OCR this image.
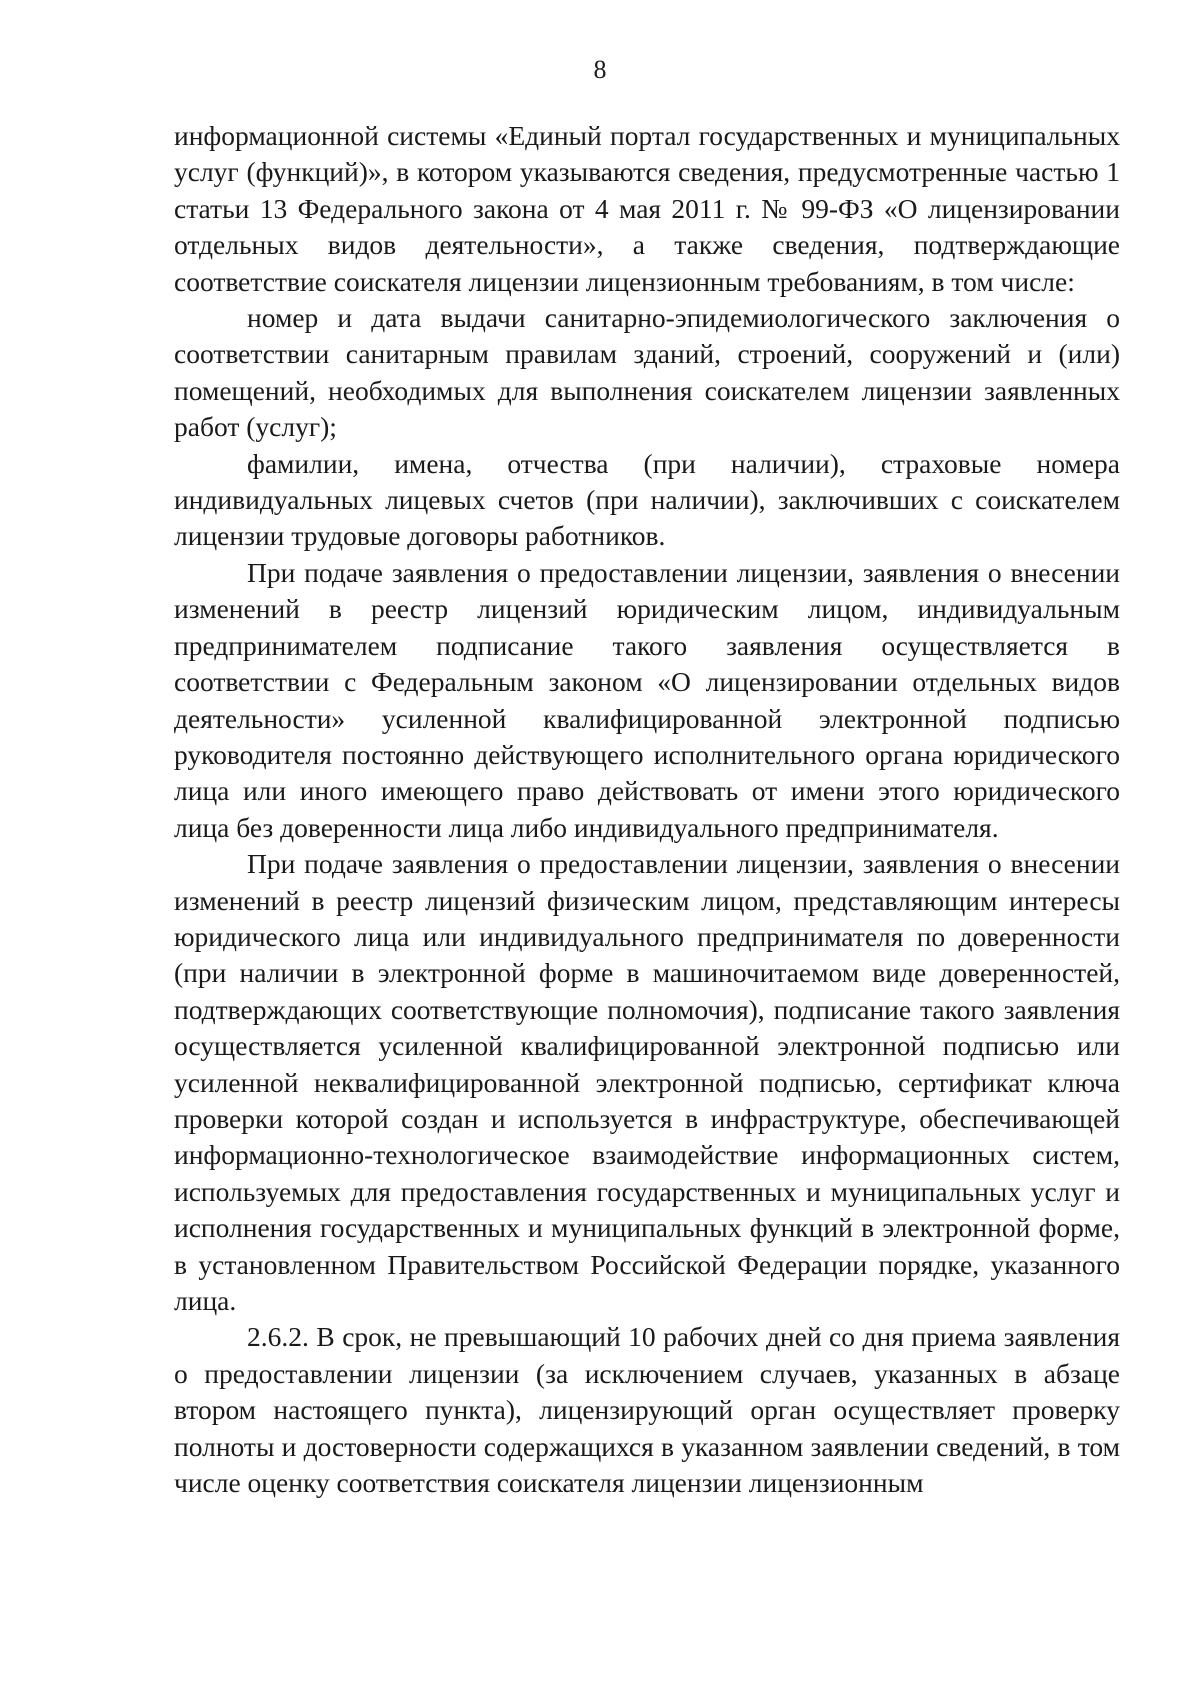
8

информационной системы «Единый портал государственных и муниципальных услуг (функций)», в котором указываются сведения, предусмотренные частью 1 статьи 13 Федерального закона от 4 мая 2011 г. № 99-ФЗ «О лицензировании отдельных видов деятельности», а также сведения, подтверждающие соответствие соискателя лицензии лицензионным требованиям, в том числе:

номер и дата выдачи санитарно-эпидемиологического заключения о соответствии санитарным правилам зданий, строений, сооружений и (или) помещений, необходимых для выполнения соискателем лицензии заявленных работ (услуг);

фамилии, имена, отчества (при наличии), страховые номера индивидуальных лицевых счетов (при наличии), заключивших с соискателем лицензии трудовые договоры работников.

При подаче заявления о предоставлении лицензии, заявления о внесении изменений в реестр лицензий юридическим лицом, индивидуальным предпринимателем подписание такого заявления осуществляется в соответствии с Федеральным законом «О лицензировании отдельных видов деятельности» усиленной квалифицированной электронной подписью руководителя постоянно действующего исполнительного органа юридического лица или иного имеющего право действовать от имени этого юридического лица без доверенности лица либо индивидуального предпринимателя.

При подаче заявления о предоставлении лицензии, заявления о внесении изменений в реестр лицензий физическим лицом, представляющим интересы юридического лица или индивидуального предпринимателя по доверенности (при наличии в электронной форме в машиночитаемом виде доверенностей, подтверждающих соответствующие полномочия), подписание такого заявления осуществляется усиленной квалифицированной электронной подписью или усиленной неквалифицированной электронной подписью, сертификат ключа проверки которой создан и используется в инфраструктуре, обеспечивающей информационно-технологическое взаимодействие информационных систем, используемых для предоставления государственных и муниципальных услуг и исполнения государственных и муниципальных функций в электронной форме, в установленном Правительством Российской Федерации порядке, указанного лица.

2.6.2. В срок, не превышающий 10 рабочих дней со дня приема заявления о предоставлении лицензии (за исключением случаев, указанных в абзаце втором настоящего пункта), лицензирующий орган осуществляет проверку полноты и достоверности содержащихся в указанном заявлении сведений, в том числе оценку соответствия соискателя лицензии лицензионным
